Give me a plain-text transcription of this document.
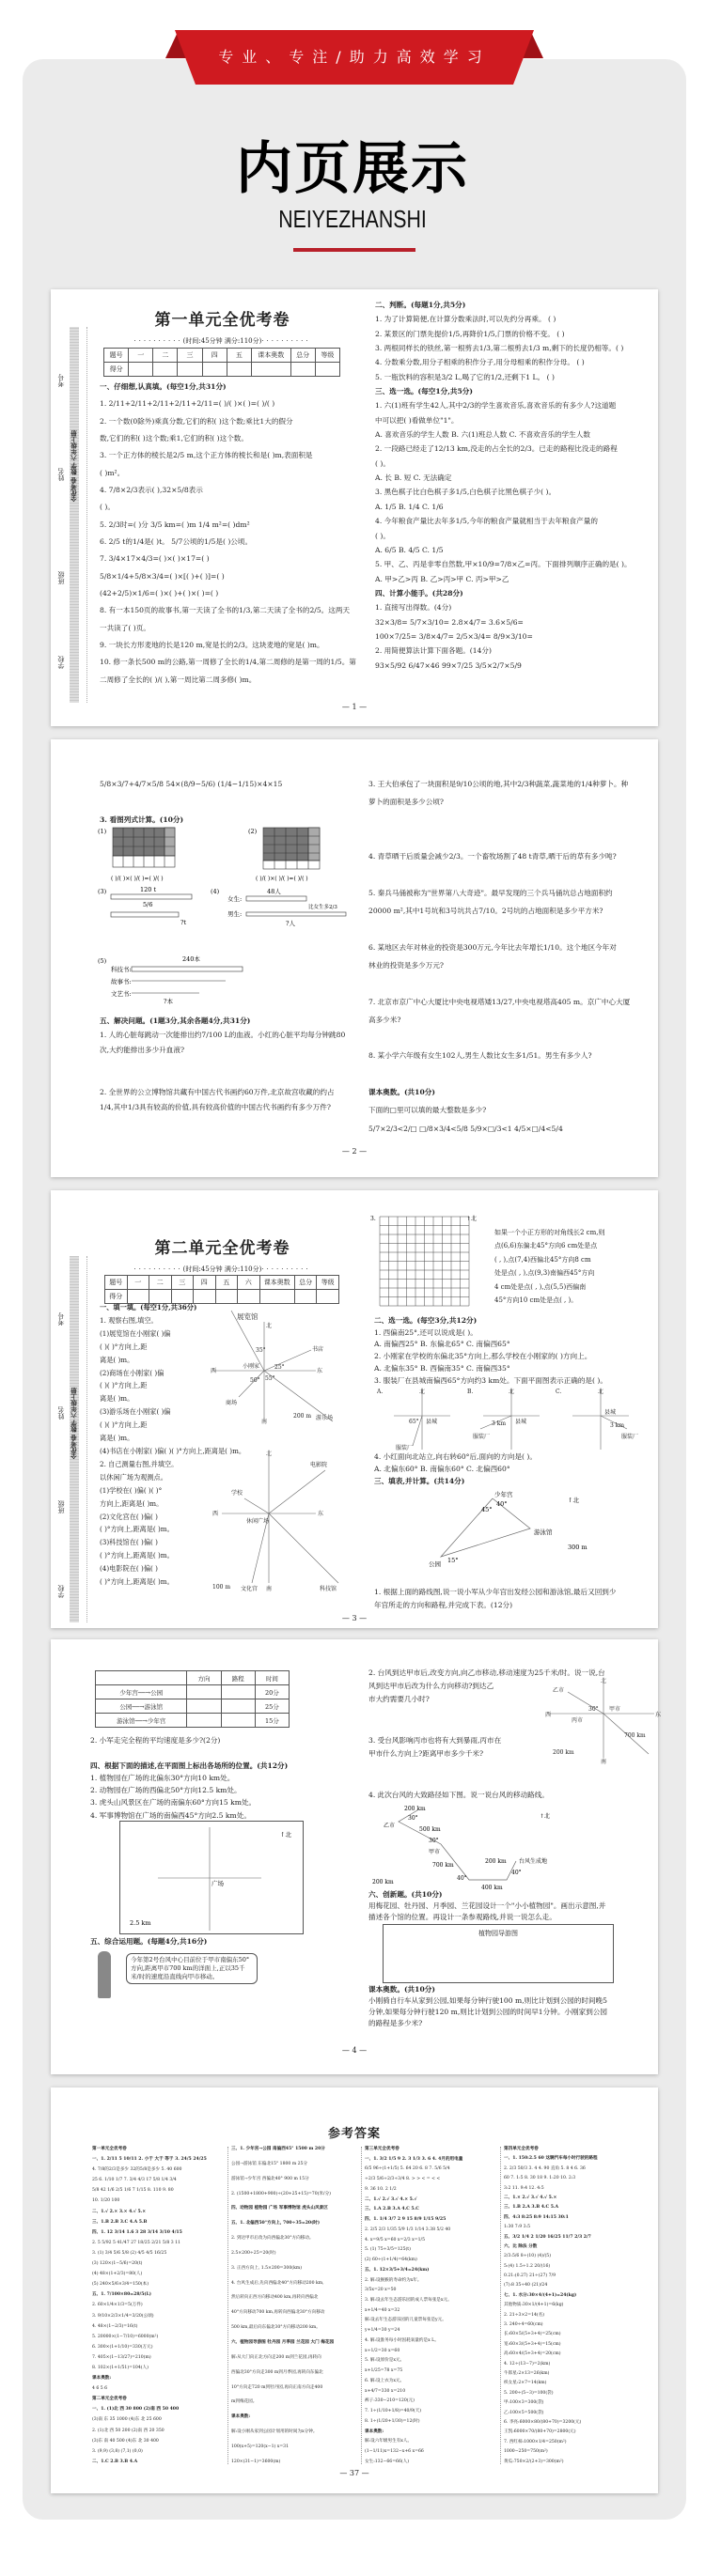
专业、专注/助力高效学习
内页展示
NEIYEZHANSHI
考号
姓名
班级
学校
全优考卷 数学 六年级上册
第一单元全优考卷
····· (时间:45分钟 满分:110分) ·····
题号	一	二	三	四	五	课本奥数	总分	等级
得分								
一、仔细想,认真填。(每空1分,共31分)
1. 2/11+2/11+2/11+2/11+2/11=( )/( )×( )=( )/( )
2. 一个数(0除外)乘真分数,它们的积( )这个数;乘比1大的假分
数,它们的积( )这个数;乘1,它们的积( )这个数。
3. 一个正方体的棱长是2/5 m,这个正方体的棱长和是( )m,表面积是
( )m²。
4. 7/8×2/3表示( ),32×5/8表示
( )。
5. 2/3时=( )分 3/5 km=( )m 1/4 m²=( )dm²
6. 2/5 t的1/4是( )t。 5/7公顷的1/5是( )公顷。
7. 3/4×17×4/3=( )×( )×17=( )
5/8×1/4+5/8×3/4=( )×[( )+( )]=( )
(42+2/5)×1/6=( )×( )+( )×( )=( )
8. 有一本150页的故事书,第一天读了全书的1/3,第二天读了全书的2/5。这两天
一共读了( )页。
9. 一块长方形麦地的长是120 m,宽是长的2/3。这块麦地的宽是( )m。
10. 修一条长500 m的公路,第一周修了全长的1/4,第二周修的是第一周的1/5。第
二周修了全长的( )/( ),第一周比第二周多修( )m。
二、判断。(每题1分,共5分)
1. 为了计算简便,在计算分数乘法时,可以先约分再乘。 ( )
2. 某景区的门票先提价1/5,再降价1/5,门票的价格不变。 ( )
3. 两根同样长的铁丝,第一根剪去1/3,第二根剪去1/3 m,剩下的长度仍相等。( )
4. 分数乘分数,用分子相乘的积作分子,用分母相乘的积作分母。 ( )
5. 一瓶饮料的容积是3/2 L,喝了它的1/2,还剩下1 L。 ( )
三、选一选。(每空1分,共5分)
1. 六(1)班有学生42人,其中2/3的学生喜欢音乐,喜欢音乐的有多少人?这道题
中可以把( )看做单位"1"。
A. 喜欢音乐的学生人数 B. 六(1)班总人数 C. 不喜欢音乐的学生人数
2. 一段路已经走了12/13 km,没走的占全长的2/3。已走的路程比没走的路程
( )。
A. 长 B. 短 C. 无法确定
3. 黑色棋子比白色棋子多1/5,白色棋子比黑色棋子少( )。
A. 1/5 B. 1/4 C. 1/6
4. 今年粮食产量比去年多1/5,今年的粮食产量就相当于去年粮食产量的
( )。
A. 6/5 B. 4/5 C. 1/5
5. 甲、乙、丙是非零自然数,甲×10/9=7/8×乙=丙。下面排列顺序正确的是( )。
A. 甲>乙>丙 B. 乙>丙>甲 C. 丙>甲>乙
四、计算小能手。(共28分)
1. 直接写出得数。(4分)
32×3/8= 5/7×3/10= 2.8×4/7= 3.6×5/6=
100×7/25= 3/8×4/7= 2/5×3/4= 8/9×3/10=
2. 用简便算法计算下面各题。(14分)
93×5/92 6/47×46 99×7/25 3/5×2/7×5/9
— 1 —
5/8×3/7+4/7×5/8 54×(8/9−5/6) (1/4−1/15)×4×15
3. 看图列式计算。(10分)
(1)
( )/( )×( )/( )=( )/( )
(2)
( )/( )×( )/( )=( )/( )
(3)	120 t
5/6
?t
(4)
女生:
48人
男生:
比女生多2/3
?人
(5)	240本
科技书:
故事书:
文艺书:
?本
五、解决问题。(1题3分,其余各题4分,共31分)
1. 人的心脏每跳动一次能排出约7/100 L的血液。小红的心脏平均每分钟跳80
次,大约能排出多少升血液?

2. 全世界的公立博物馆共藏有中国古代书画约60万件,北京故宫收藏的约占
1/4,其中1/3具有较高的价值,具有较高价值的中国古代书画约有多少万件?
3. 王大伯承包了一块面积是9/10公顷的地,其中2/3种蔬菜,蔬菜地的1/4种萝卜。种
萝卜的面积是多少公顷?

4. 青草晒干后质量会减少2/3。一个畜牧场割了48 t青草,晒干后的草有多少吨?

5. 秦兵马俑被称为"世界第八大奇迹"。最早发现的三个兵马俑坑总占地面积约
20000 m²,其中1号坑和3号坑共占7/10。2号坑的占地面积是多少平方米?

6. 某地区去年对林业的投资是300万元,今年比去年增长1/10。这个地区今年对
林业的投资是多少万元?

7. 北京市京广中心大厦比中央电视塔矮13/27,中央电视塔高405 m。京广中心大厦
高多少米?

8. 某小学六年级有女生102人,男生人数比女生多1/51。男生有多少人?

课本奥数。(共10分)
下面的□里可以填的最大整数是多少?
5/7×2/3<2/□ □/8×3/4<5/8 5/9×□/3<1 4/5×□/4<5/4
— 2 —
考号
姓名
班级
学校
全优考卷 数学 六年级上册
第二单元全优考卷
····· (时间:45分钟 满分:110分) ·····
题号	一	二	三	四	五	六	课本奥数	总分	等级
得分									
一、填一填。(每空1分,共36分)
1. 观察右图,填空。
(1)展览馆在小刚家( )偏
( )( )°方向上,距
离是( )m。
(2)商场在小刚家( )偏
( )( )°方向上,距
离是( )m。
(3)游乐场在小刚家( )偏
( )( )°方向上,距
离是( )m。
(4)书店在小刚家( )偏( )( )°方向上,距离是( )m。
2. 自己测量右图,并填空。
以休闲广场为观测点。
(1)学校在( )偏( )( )°
方向上,距离是( )m。
(2)文化宫在( )偏( )
( )°方向上,距离是( )m。
(3)科技馆在( )偏( )
( )°方向上,距离是( )m。
(4)电影院在( )偏( )
( )°方向上,距离是( )m。
北
南
东
西
小刚家
展览馆
书店
商场
游乐场
25°
50° 55°
35°
200 m
北
南
东
西
休闲广场
学校
电影院
文化宫	科技馆
100 m
3.	↑北
如果一个小正方形的对角线长2 cm,则
点(6,6)东偏北45°方向6 cm处是点
( , ),点(7,4)西偏北45°方向8 cm
处是点( , ),点(9,3)南偏西45°方向
4 cm处是点( , ),点(5,5)西偏南
45°方向10 cm处是点( , )。
二、选一选。(每空3分,共12分)
1. 西偏南25°,还可以说成是( )。
A. 南偏西25° B. 东偏北65° C. 南偏西65°
2. 小刚家在学校的东偏北35°方向上,那么学校在小刚家的( )方向上。
A. 北偏东35° B. 西偏南35° C. 南偏西35°
3. 服装厂在县城南偏西65°方向约3 km处。下面平面图表示正确的是( )。
A.	B.	C.
北	北	北
县城	县城
县城
服装厂
服装厂	服装厂
65°	3 km	3 km
4. 小红面向北站立,向右转60°后,面向的方向是( )。
A. 北偏东60° B. 南偏东60° C. 北偏西60°
三、填表,并计算。(共14分)
少年宫
游泳馆
公园
40°
45°
15°
↑北
300 m
1. 根据上面的路线图,说一说小军从少年宫出发经公园和游泳馆,最后又回到少
年宫所走的方向和路程,并完成下表。(12分)
— 3 —
	方向	路程	时间
少年宫──→公园			20分
公园──→游泳馆			25分
游泳馆──→少年宫			15分
2. 小军走完全程的平均速度是多少?(2分)

四、根据下面的描述,在平面图上标出各场所的位置。(共12分)
1. 植物园在广场的北偏东30°方向10 km处。
2. 动物园在广场的西偏北50°方向12.5 km处。
3. 虎头山风景区在广场的南偏东60°方向15 km处。
4. 军事博物馆在广场的南偏西45°方向2.5 km处。
广场
↑北
2.5 km
五、综合运用题。(每题4分,共16分)
今年第2号台风中心目前位于甲市南偏东50°方向,距离甲市700 km的洋面上,正以35千米/时的速度沿直线向甲市移动。
2. 台风到达甲市后,改变方向,向乙市移动,移动速度为25千米/时。说一说,台
风到达甲市后改为什么方向移动?到达乙
市大约需要几小时?
北
南
东
西
甲市
乙市
丙市
30°
700 km
200 km
3. 受台风影响丙市也将有大到暴雨,丙市在
甲市什么方向上?距离甲市多少千米?
4. 此次台风的大致路径如下图。说一说台风的移动路线。
乙市
甲市
台风生成地
200 km
500 km
700 km
400 km
200 km
30°
30°
40°
40°
↑北
200 km
六、创新题。(共10分)
用梅花园、牡丹园、月季园、兰花园设计一个"小小植物园"。画出示意图,并
描述各个馆的位置。再设计一条参观路线,并说一说怎么走。
植物园导游图
课本奥数。(共10分)
小刚骑自行车从家到公园,如果每分钟行驶100 m,则比计划到公园的时间晚5
分钟,如果每分钟行驶120 m,则比计划到公园的时间早1分钟。小刚家到公园
的路程是多少米?
— 4 —
参考答案
第一单元全优考卷
一、1. 2/11 5 10/11 2. 小于 大于 等于 3. 24/5 24/25
4. 7/8的2/3是多少 32的5/8是多少 5. 40 600
25 6. 1/10 1/7 7. 3/4 4/3 17 5/8 1/4 3/4
5/8 42 1/6 2/5 1/6 7 1/15 8. 110 9. 80
10. 1/20 100
二、1.√ 2.× 3.× 4.√ 5.×
三、1.B 2.B 3.C 4.A 5.B
四、1. 12 3/14 1.6 3 28 3/14 3/10 4/15
2. 5 5/92 5 41/47 27 18/25 2/21 5/8 3 11
3. (1) 3/4 5/6 5/8 (2) 4/5 4/5 16/25
(3) 120×(1−5/6)=20(t)
(4) 48×(1+2/3)=80(人)
(5) 240×5/6×3/4=150(本)
五、1. 7/100×80=28/5(L)
2. 60×1/4×1/3=5(万件)
3. 9/10×2/3×1/4=3/20(公顷)
4. 48×(1−2/3)=16(t)
5. 20000×(1−7/10)=6000(m²)
6. 300×(1+1/10)=330(万元)
7. 405×(1−13/27)=210(m)
8. 102×(1+1/51)=104(人)
课本奥数:
4 6 5 6
第二单元全优考卷
一、1. (1)北 西 30 800 (2)南 西 50 400
(3)南 东 35 1000 (4)东 北 25 600
2. (1)北 西 50 200 (2)南 西 20 350
(3)东 南 40 500 (4)东 北 30 400
3. (9,9) (3,8) (7,1) (0,0)
二、1.C 2.B 3.B 4.A
三、1. 少年宫→公园 南偏西45° 1500 m 20分
公园→游泳馆 东偏北15° 1800 m 25分
游泳馆→少年宫 西偏北40° 900 m 15分
2. (1500+1800+900)÷(20+25+15)=70(米/分)
四、动物园 植物园 广场 军事博物馆 虎头山风景区
五、1. 北偏西50°方向上, 700÷35=20(时)
2. 到达甲市后改为向西偏北30°方向移动。
2.5×200÷25=20(时)
3. 正西方向上, 1.5×200=300(km)
4. 台风生成后,先向西偏北40°方向移动200 km,
然后转向正西方向移动400 km,再转向西偏北
40°方向移动700 km,再转向西偏北30°方向移动
500 km,最后向东偏北30°方向移动200 km。
六、植物园导游图 牡丹园 月季园 兰花园 大门 梅花园
解:从大门向正北方向走200 m到兰花园,再转向
西偏北30°方向走300 m到月季园,再转向东偏北
10°方向走720 m到牡丹园,再向正南方向走400
m到梅花园。
课本奥数:
解:设小刚从家到公园计划用的时间为x分钟。
100(x+5)=120(x−1) x=31
120×(31−1)=3600(m)
第三单元全优考卷
一、1. 3/2 1/5 9 2. 3 1/3 3. 6 4. 4月的用电量
6/5 96÷(1+1/5) 5. 64 20 6. 8 7. 5/6 5/4
÷2/3 5/6÷2/3÷3/4 8. > > < = < <
9. 36 10. 2 1/2
二、1.√ 2.√ 3.√ 4.× 5.√
三、1.A 2.B 3.A 4.C 5.C
四、1. 1/4 3/7 2 9 15 8/9 1/15 9/25
2. 2/5 2/3 1/35 5/9 1/3 1/14 3.38 5/2 40
4. x=9/5 x=60 x=2/3 x=1/5
5. (1) 75÷3/5=125(t)
(2) 60÷(1+1/4)=64(km)
五、1. 12×3/5+3/4=24(km)
2. 解:设猴猴的寿命约为x年。
3/5x=20 x=50
3. 解:设去年生态游乐园的成人票每张是x元。
x+1/4=40 x=32
解:设去年生态游乐园的儿童票每张是y元。
y+1/4=30 y=24
4. 解:设淮务每小时因耗氧量约是x L。
x÷1/2=30 x=60
5. 解:设原价是x元。
x+1/25=78 x=75
6. 解:设上衣为x元。
x+4/7=330 x=210
裤子:330−210=120(元)
7. 1÷(1/10+1/8)=40/9(天)
8. 1÷(1/20+1/30)=12(时)
课本奥数:
解:设六年级男生有x人。
(1−1/11)x=132−x+6 x=66
女生:132−66=66(人)
第四单元全优考卷
一、1. 150:2.5 60 这辆汽车每小时行驶的路程
2. 2/3 50/3 3. 4 4. 90 直角 5. 8 4 6. 36
60 7. 1:5 8. 30 18 9. 1:20 10. 2:3
3:2 11. 9:4 12. 4:5
二、1.× 2.√ 3.√ 4.√ 5.×
三、1.B 2.A 3.B 4.C 5.A
四、4:3 8:25 8:9 14:15 30:1
1:30 7:9 3:5
五、3/2 1/4 2 1/20 16/25 11/7 2/3 2/7
六、比 除法 分数
2/3:5/6 8÷(10) (4)/(5)
5:(4) 1.5÷1.2 20/(16)
0.21:(0.27) 21÷(27) 7/9
(7):8 35÷40 (21)/24
七、1. 水分:30×4/(4+1)=24(kg)
其他物质:30×1/(4+1)=6(kg)
2. 21÷3×2=14(名)
3. 240÷4=60(cm)
长:60×5/(5+3+4)=25(cm)
宽:60×3/(5+3+4)=15(cm)
高:60×4/(5+3+4)=20(cm)
4. 12÷(13−7)=2(km)
牛郎星:2×13=26(km)
织女星:2×7=14(km)
5. 200÷(5−3)=100(袋)
甲:100×3=300(袋)
乙:100×5=500(袋)
6. 李亮:6000×80/(80+70)=3200(元)
王凯:6000×70/(80+70)=2800(元)
7. 西红柿:1000×1/4=250(m²)
1000−250=750(m²)
黄瓜:750×2/(2+3)=300(m²)
— 37 —
